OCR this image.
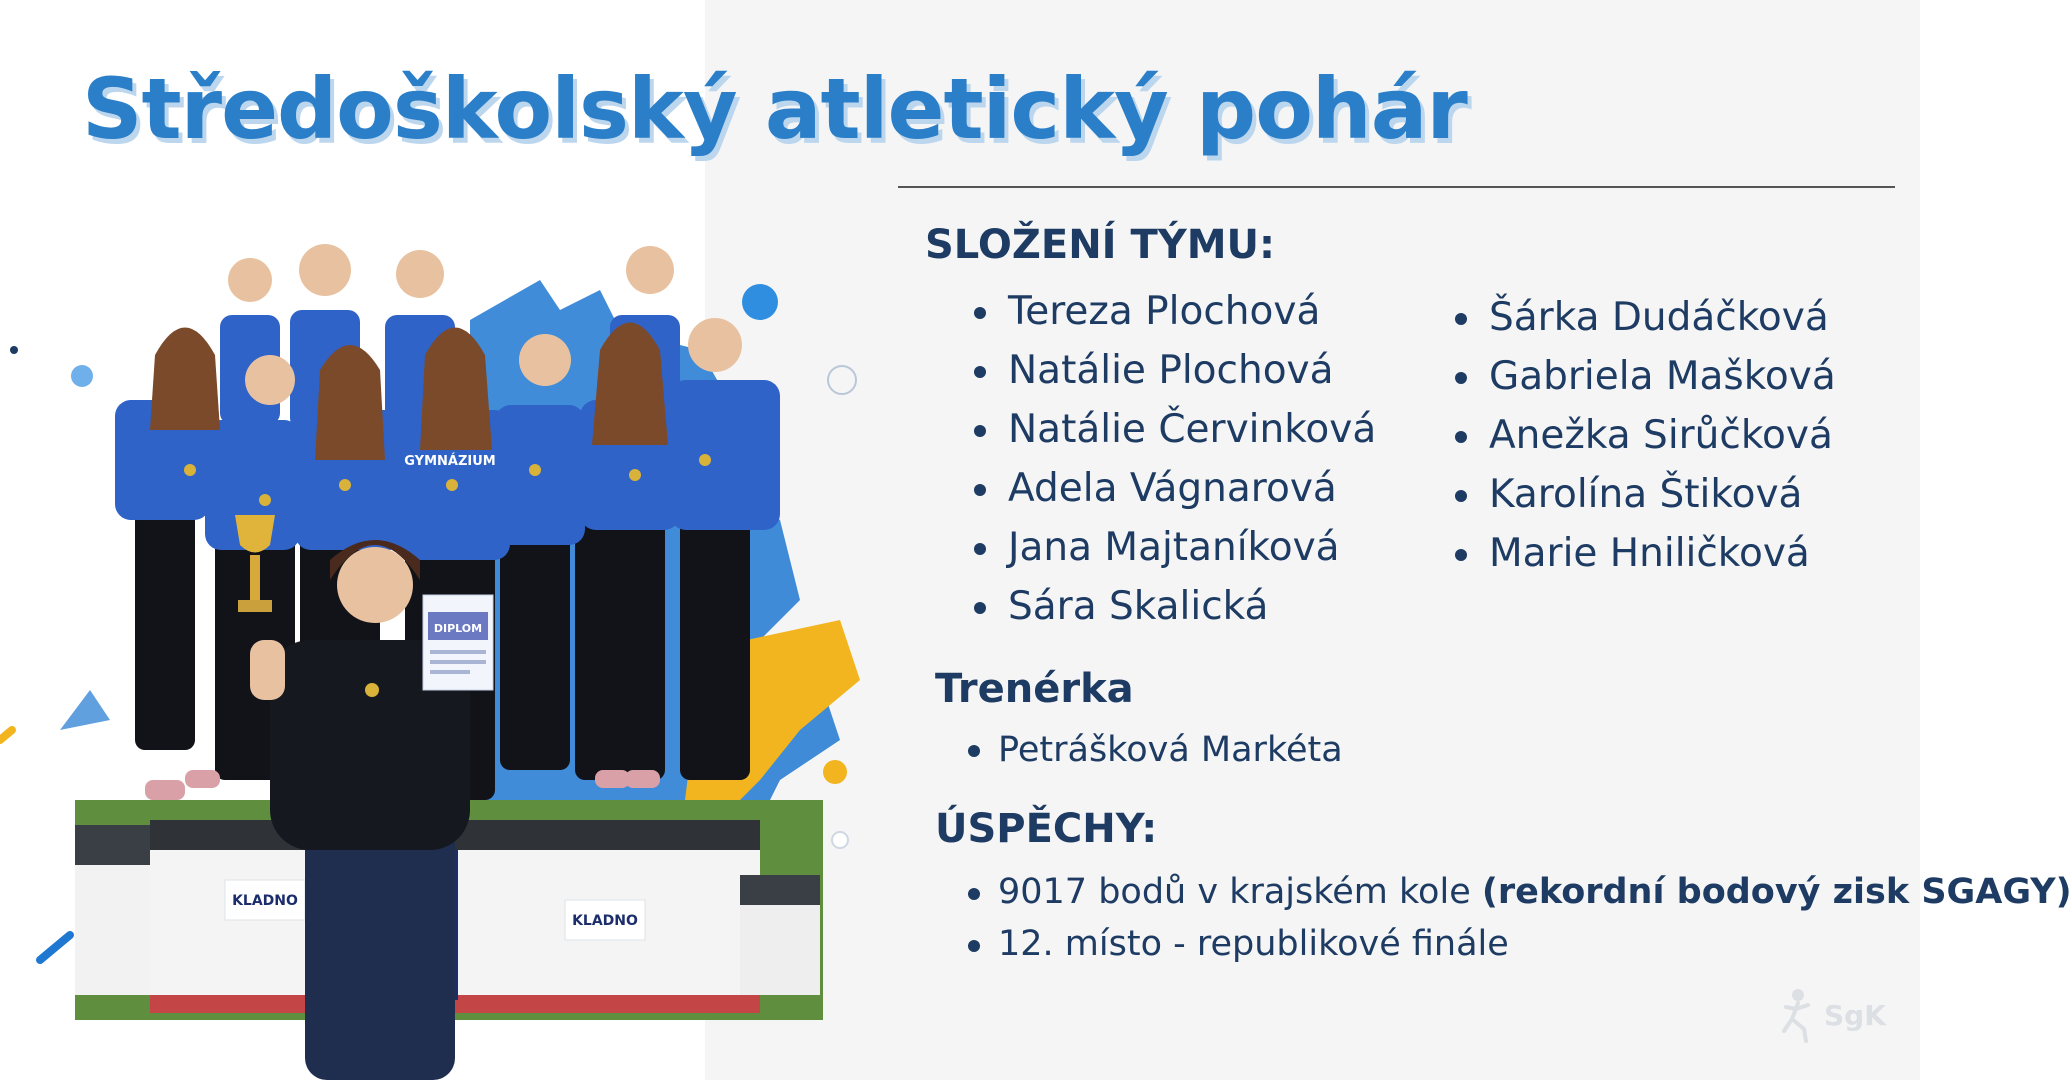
Středoškolský atletický pohár
KLADNO
KLADNO
GYMNÁZIUM
DIPLOM
SLOŽENÍ TÝMU:
Tereza Plochová
Natálie Plochová
Natálie Červinková
Adela Vágnarová
Jana Majtaníková
Sára Skalická
Šárka Dudáčková
Gabriela Mašková
Anežka Sirůčková
Karolína Štiková
Marie Hniličková
Trenérka
Petrášková Markéta
ÚSPĚCHY:
9017 bodů v krajském kole (rekordní bodový zisk SGAGY)
12. místo - republikové finále
SgK
